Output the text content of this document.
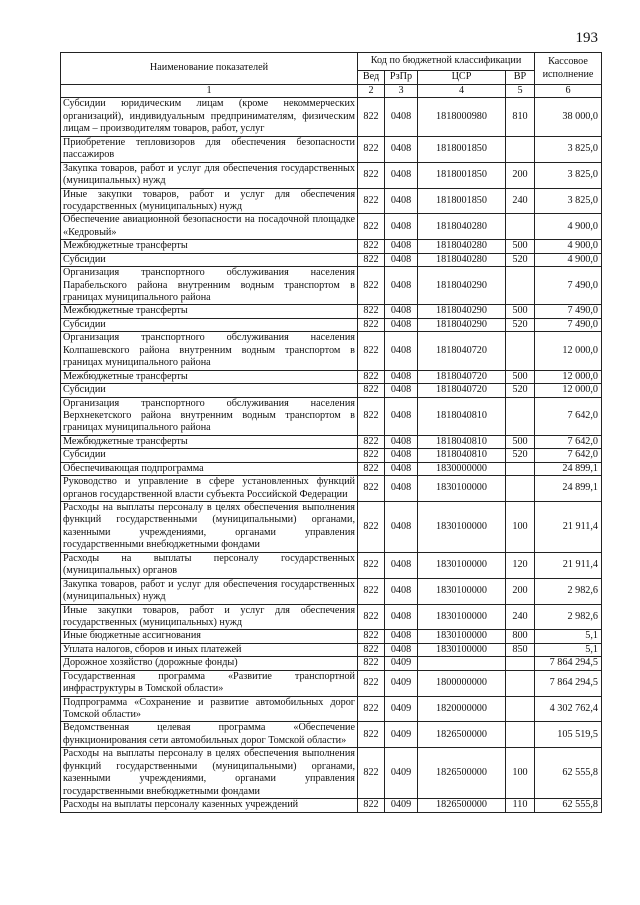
193
Наименование показателей	Код по бюджетной классификации				Кассовое исполнение
	Вед	РзПр	ЦСР	ВР	
1	2	3	4	5	6
Субсидии юридическим лицам (кроме некоммерческих организаций), индивидуальным предпринимателям, физическим лицам – производителям товаров, работ, услуг	822	0408	1818000980	810	38 000,0
Приобретение тепловизоров для обеспечения безопасности пассажиров	822	0408	1818001850		3 825,0
Закупка товаров, работ и услуг для обеспечения государственных (муниципальных) нужд	822	0408	1818001850	200	3 825,0
Иные закупки товаров, работ и услуг для обеспечения государственных (муниципальных) нужд	822	0408	1818001850	240	3 825,0
Обеспечение авиационной безопасности на посадочной площадке «Кедровый»	822	0408	1818040280		4 900,0
Межбюджетные трансферты	822	0408	1818040280	500	4 900,0
Субсидии	822	0408	1818040280	520	4 900,0
Организация транспортного обслуживания населения Парабельского района внутренним водным транспортом в границах муниципального района	822	0408	1818040290		7 490,0
Межбюджетные трансферты	822	0408	1818040290	500	7 490,0
Субсидии	822	0408	1818040290	520	7 490,0
Организация транспортного обслуживания населения Колпашевского района внутренним водным транспортом в границах муниципального района	822	0408	1818040720		12 000,0
Межбюджетные трансферты	822	0408	1818040720	500	12 000,0
Субсидии	822	0408	1818040720	520	12 000,0
Организация транспортного обслуживания населения Верхнекетского района внутренним водным транспортом в границах муниципального района	822	0408	1818040810		7 642,0
Межбюджетные трансферты	822	0408	1818040810	500	7 642,0
Субсидии	822	0408	1818040810	520	7 642,0
Обеспечивающая подпрограмма	822	0408	1830000000		24 899,1
Руководство и управление в сфере установленных функций органов государственной власти субъекта Российской Федерации	822	0408	1830100000		24 899,1
Расходы на выплаты персоналу в целях обеспечения выполнения функций государственными (муниципальными) органами, казенными учреждениями, органами управления государственными внебюджетными фондами	822	0408	1830100000	100	21 911,4
Расходы на выплаты персоналу государственных (муниципальных) органов	822	0408	1830100000	120	21 911,4
Закупка товаров, работ и услуг для обеспечения государственных (муниципальных) нужд	822	0408	1830100000	200	2 982,6
Иные закупки товаров, работ и услуг для обеспечения государственных (муниципальных) нужд	822	0408	1830100000	240	2 982,6
Иные бюджетные ассигнования	822	0408	1830100000	800	5,1
Уплата налогов, сборов и иных платежей	822	0408	1830100000	850	5,1
Дорожное хозяйство (дорожные фонды)	822	0409			7 864 294,5
Государственная программа «Развитие транспортной инфраструктуры в Томской области»	822	0409	1800000000		7 864 294,5
Подпрограмма «Сохранение и развитие автомобильных дорог Томской области»	822	0409	1820000000		4 302 762,4
Ведомственная целевая программа «Обеспечение функционирования сети автомобильных дорог Томской области»	822	0409	1826500000		105 519,5
Расходы на выплаты персоналу в целях обеспечения выполнения функций государственными (муниципальными) органами, казенными учреждениями, органами управления государственными внебюджетными фондами	822	0409	1826500000	100	62 555,8
Расходы на выплаты персоналу казенных учреждений	822	0409	1826500000	110	62 555,8
